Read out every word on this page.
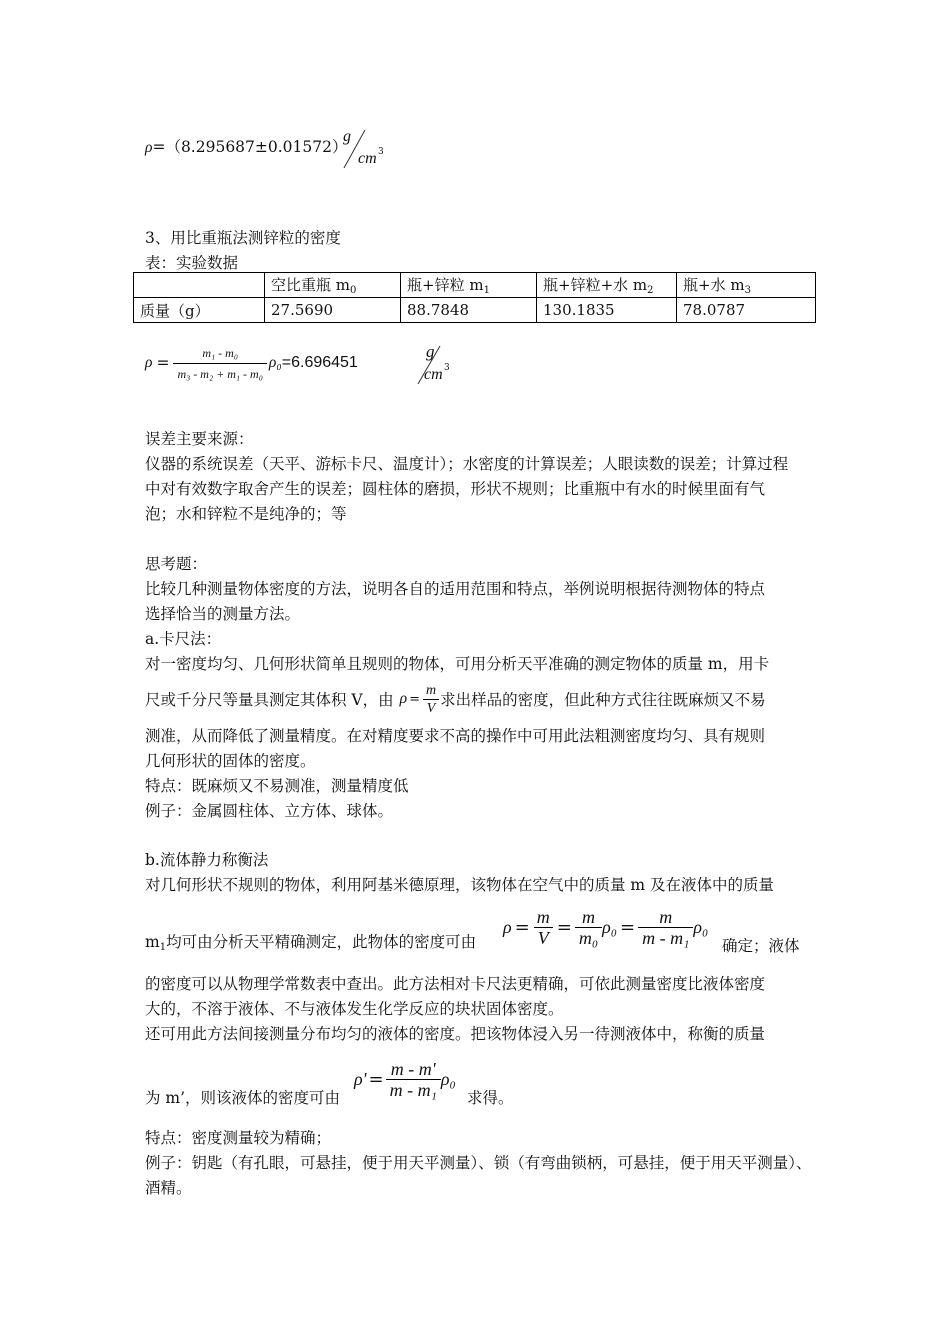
ρ=（8.295687±0.01572）
g
cm 3
3、用比重瓶法测锌粒的密度
表：实验数据
	空比重瓶 $m_0$	瓶+锌粒 $m_1$	瓶+锌粒+水 $m_2$	瓶+水 $m_3$
质量（g）	27.5690	88.7848	130.1835	78.0787
$\rho = \frac{\text{m₁ - m₀}}{\text{m₃ - m₂ + m₁ - m₀}} \rho_0 =6.696451$
g
cm 3
误差主要来源：
仪器的系统误差（天平、游标卡尺、温度计）；水密度的计算误差；人眼读数的误差；计算过程
中对有效数字取舍产生的误差；圆柱体的磨损，形状不规则；比重瓶中有水的时候里面有气
泡；水和锌粒不是纯净的；等
思考题：
比较几种测量物体密度的方法，说明各自的适用范围和特点，举例说明根据待测物体的特点
选择恰当的测量方法。
a.卡尺法：
对一密度均匀、几何形状简单且规则的物体，可用分析天平准确的测定物体的质量 m，用卡
尺或千分尺等量具测定其体积 V，由 $\rho = \frac{m}{V}$ 求出样品的密度，但此种方式往往既麻烦又不易
测准，从而降低了测量精度。在对精度要求不高的操作中可用此法粗测密度均匀、具有规则
几何形状的固体的密度。
特点：既麻烦又不易测准，测量精度低
例子：金属圆柱体、立方体、球体。
b.流体静力称衡法
对几何形状不规则的物体，利用阿基米德原理，该物体在空气中的质量 m 及在液体中的质量
$m_1$均可由分析天平精确测定，此物体的密度可由
$\rho = \frac{m}{V} = \frac{m}{\text{m₀}} \rho_0 = \frac{m}{\text{m - m₁}} \rho_0$
确定；液体
的密度可以从物理学常数表中查出。此方法相对卡尺法更精确，可依此测量密度比液体密度
大的，不溶于液体、不与液体发生化学反应的块状固体密度。
还可用此方法间接测量分布均匀的液体的密度。把该物体浸入另一待测液体中，称衡的质量
为 m’，则该液体的密度可由
$\rho' = \frac{m - m'}{\text{m - m₁}} \rho_0$
求得。
特点：密度测量较为精确；
例子：钥匙（有孔眼，可悬挂，便于用天平测量）、锁（有弯曲锁柄，可悬挂，便于用天平测量）、
酒精。
